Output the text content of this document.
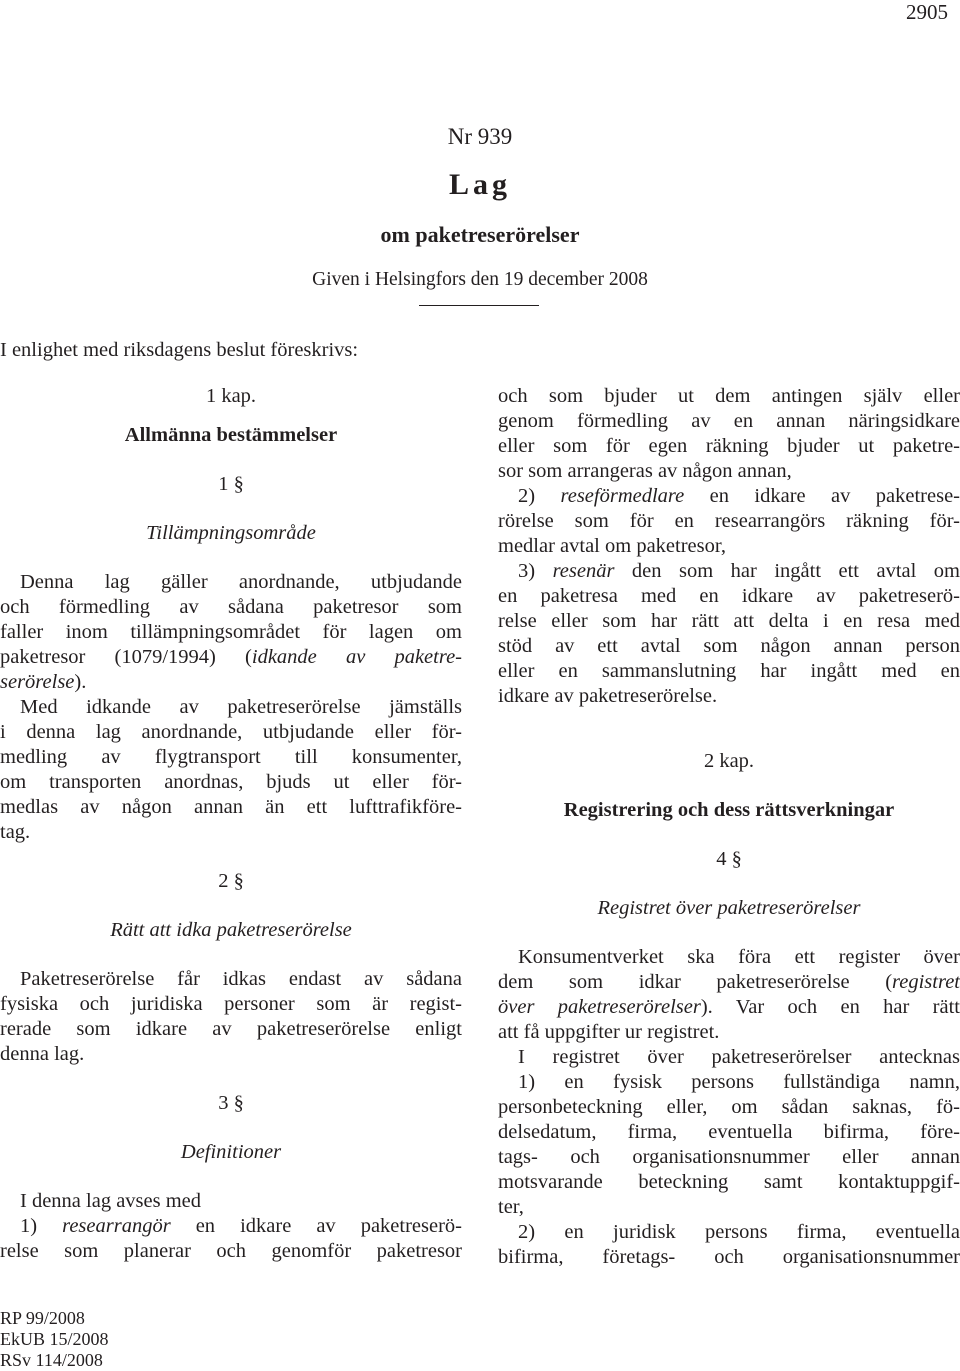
2905
Nr 939
Lag
om paketreserörelser
Given i Helsingfors den 19 december 2008
I enlighet med riksdagens beslut föreskrivs:
1 kap.
Allmänna bestämmelser
1 §
Tillämpningsområde
Denna lag gäller anordnande, utbjudande
och förmedling av sådana paketresor som
faller inom tillämpningsområdet för lagen om
paketresor (1079/1994) (idkande av paketre-
serörelse).
Med idkande av paketreserörelse jämställs
i denna lag anordnande, utbjudande eller för-
medling av flygtransport till konsumenter,
om transporten anordnas, bjuds ut eller för-
medlas av någon annan än ett lufttrafikföre-
tag.
2 §
Rätt att idka paketreserörelse
Paketreserörelse får idkas endast av sådana
fysiska och juridiska personer som är regist-
rerade som idkare av paketreserörelse enligt
denna lag.
3 §
Definitioner
I denna lag avses med
1) researrangör en idkare av paketreserö-
relse som planerar och genomför paketresor
och som bjuder ut dem antingen själv eller
genom förmedling av en annan näringsidkare
eller som för egen räkning bjuder ut paketre-
sor som arrangeras av någon annan,
2) reseförmedlare en idkare av paketrese-
rörelse som för en researrangörs räkning för-
medlar avtal om paketresor,
3) resenär den som har ingått ett avtal om
en paketresa med en idkare av paketreserö-
relse eller som har rätt att delta i en resa med
stöd av ett avtal som någon annan person
eller en sammanslutning har ingått med en
idkare av paketreserörelse.
2 kap.
Registrering och dess rättsverkningar
4 §
Registret över paketreserörelser
Konsumentverket ska föra ett register över
dem som idkar paketreserörelse (registret
över paketreserörelser). Var och en har rätt
att få uppgifter ur registret.
I registret över paketreserörelser antecknas
1) en fysisk persons fullständiga namn,
personbeteckning eller, om sådan saknas, fö-
delsedatum, firma, eventuella bifirma, före-
tags- och organisationsnummer eller annan
motsvarande beteckning samt kontaktuppgif-
ter,
2) en juridisk persons firma, eventuella
bifirma, företags- och organisationsnummer
RP 99/2008
EkUB 15/2008
RSv 114/2008
